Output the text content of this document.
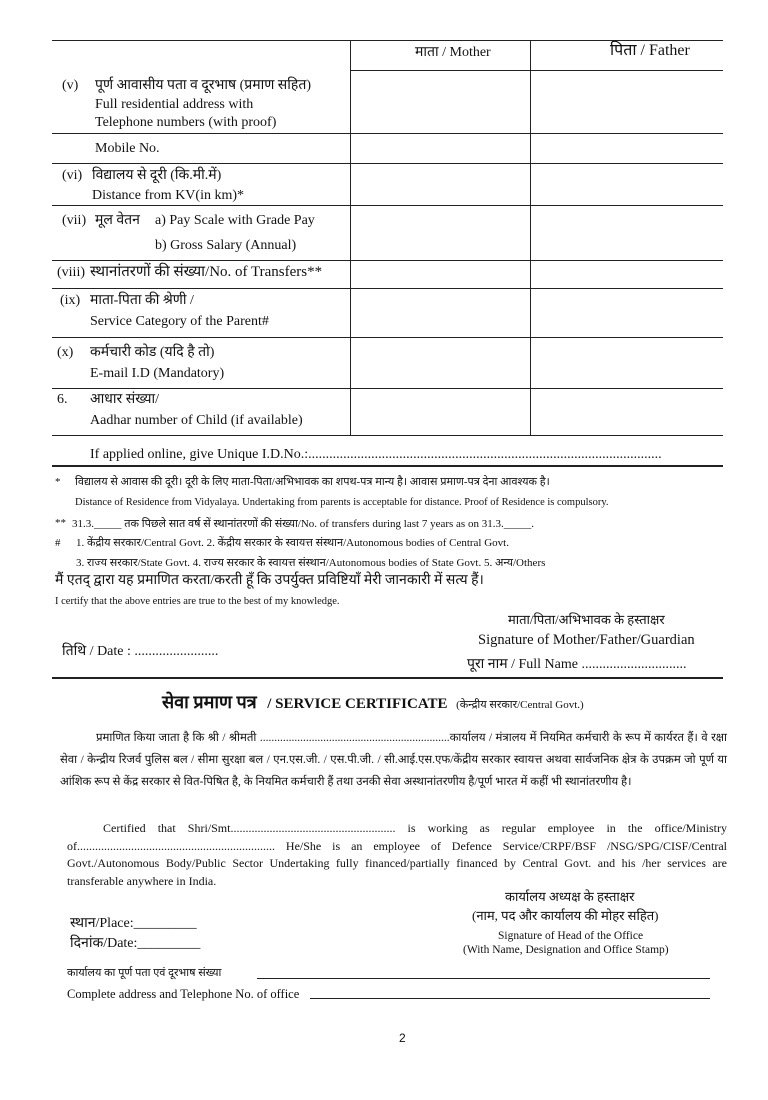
माता / Mother	पिता / Father
(v) पूर्ण आवासीय पता व दूरभाष (प्रमाण सहित)
Full residential address with
Telephone numbers (with proof)
Mobile No.
(vi) विद्यालय से दूरी (कि.मी.में)
Distance from KV(in km)*
(vii) मूल वेतन a) Pay Scale with Grade Pay
b) Gross Salary (Annual)
(viii) स्थानांतरणों की संख्या/No. of Transfers**
(ix) माता-पिता की श्रेणी /
Service Category of the Parent#
(x) कर्मचारी कोड (यदि है तो)
E-mail I.D (Mandatory)
6. आधार संख्या/
Aadhar number of Child (if available)
If applied online, give Unique I.D.No.:.....................................................................................................
* विद्यालय से आवास की दूरी। दूरी के लिए माता-पिता/अभिभावक का शपथ-पत्र मान्य है। आवास प्रमाण-पत्र देना आवश्यक है।
Distance of Residence from Vidyalaya. Undertaking from parents is acceptable for distance. Proof of Residence is compulsory.
** 31.3._____ तक पिछले सात वर्ष सें स्थानांतरणों की संख्या/No. of transfers during last 7 years as on 31.3._____.
# 1. केंद्रीय सरकार/Central Govt. 2. केंद्रीय सरकार के स्वायत्त संस्थान/Autonomous bodies of Central Govt.
3. राज्य सरकार/State Govt. 4. राज्य सरकार के स्वायत्त संस्थान/Autonomous bodies of State Govt. 5. अन्य/Others
मैं एतद् द्वारा यह प्रमाणित करता/करती हूँ कि उपर्युक्त प्रविष्टियाँ मेरी जानकारी में सत्य हैं।
I certify that the above entries are true to the best of my knowledge.
माता/पिता/अभिभावक के हस्ताक्षर
Signature of Mother/Father/Guardian
तिथि / Date : ........................
पूरा नाम / Full Name ..............................
सेवा प्रमाण पत्र / SERVICE CERTIFICATE (केन्द्रीय सरकार/Central Govt.)
प्रमाणित किया जाता है कि श्री / श्रीमती ..................................................................कार्यालय / मंत्रालय में नियमित कर्मचारी के रूप में कार्यरत हैं। वे रक्षा सेवा / केन्द्रीय रिजर्व पुलिस बल / सीमा सुरक्षा बल / एन.एस.जी. / एस.पी.जी. / सी.आई.एस.एफ/केंद्रीय सरकार स्वायत्त अथवा सार्वजनिक क्षेत्र के उपक्रम जो पूर्ण या आंशिक रूप से केंद्र सरकार से वित-पिषित है, के नियमित कर्मचारी हैं तथा उनकी सेवा अस्थानांतरणीय है/पूर्ण भारत में कहीं भी स्थानांतरणीय है।
Certified that Shri/Smt....................................................... is working as regular employee in the office/Ministry of.................................................................. He/She is an employee of Defence Service/CRPF/BSF /NSG/SPG/CISF/Central Govt./Autonomous Body/Public Sector Undertaking fully financed/partially financed by Central Govt. and his /her services are transferable anywhere in India.
कार्यालय अध्यक्ष के हस्ताक्षर
(नाम, पद और कार्यालय की मोहर सहित)
Signature of Head of the Office
(With Name, Designation and Office Stamp)
स्थान/Place:_________
दिनांक/Date:_________
कार्यालय का पूर्ण पता एवं दूरभाष संख्या
Complete address and Telephone No. of office
2
